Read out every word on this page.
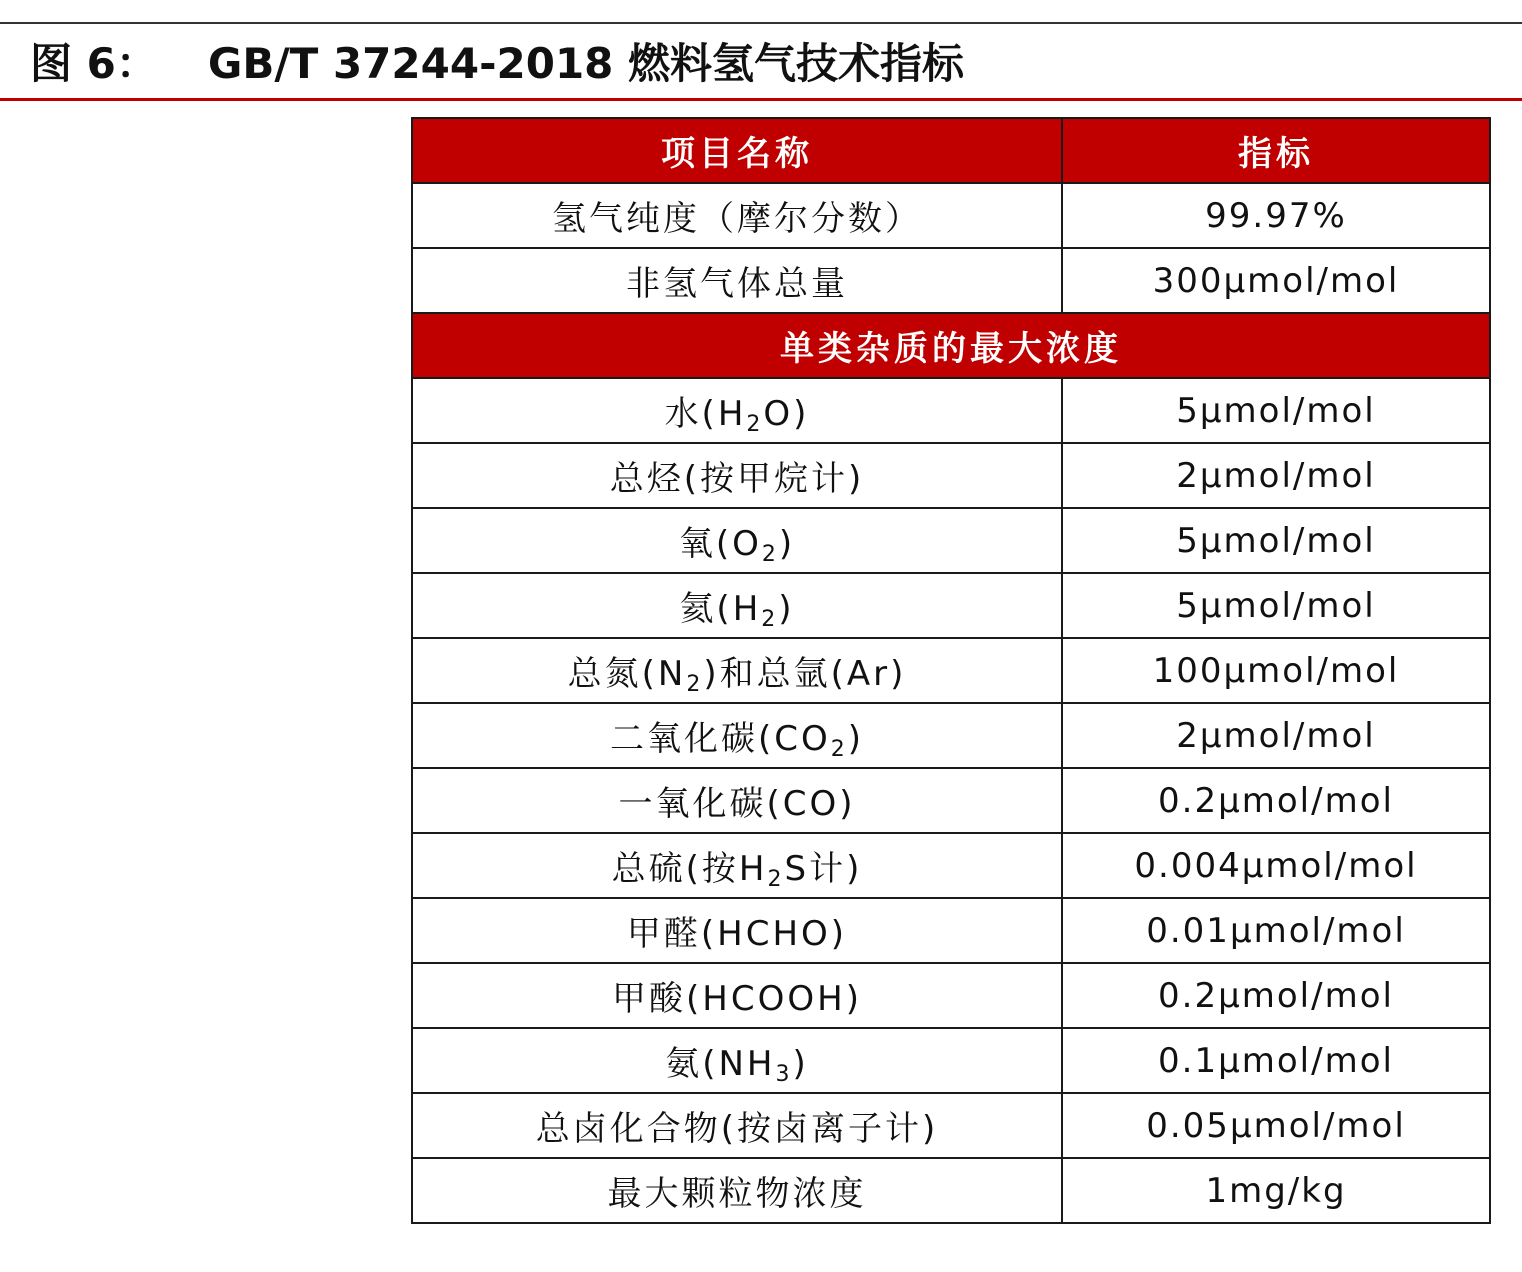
图 6： GB/T 37244-2018 燃料氢气技术指标
项目名称	指标
氢气纯度（摩尔分数）	99.97%
非氢气体总量	300μmol/mol
单类杂质的最大浓度	
水$(H_2O)$	5μmol/mol
总烃(按甲烷计)	2μmol/mol
氧$(O_2)$	5μmol/mol
氦$(H_2)$	5μmol/mol
总氮$(N_2)$和总氩(Ar)	100μmol/mol
二氧化碳$(CO_2)$	2μmol/mol
一氧化碳(CO)	0.2μmol/mol
总硫(按$H_2S$计)	0.004μmol/mol
甲醛(HCHO)	0.01μmol/mol
甲酸(HCOOH)	0.2μmol/mol
氨$(NH_3)$	0.1μmol/mol
总卤化合物(按卤离子计)	0.05μmol/mol
最大颗粒物浓度	1mg/kg
